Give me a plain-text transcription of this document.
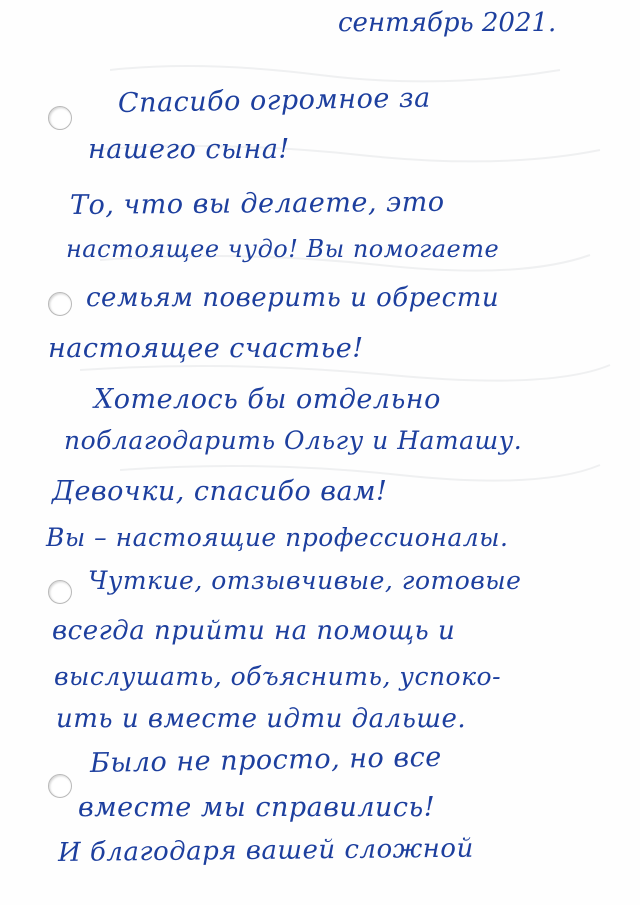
сентябрь 2021.
Спасибо огромное за
нашего сына!
То, что вы делаете, это
настоящее чудо! Вы помогаете
семьям поверить и обрести
настоящее счастье!
Хотелось бы отдельно
поблагодарить Ольгу и Наташу.
Девочки, спасибо вам!
Вы – настоящие профессионалы.
Чуткие, отзывчивые, готовые
всегда прийти на помощь и
выслушать, объяснить, успоко-
ить и вместе идти дальше.
Было не просто, но все
вместе мы справились!
И благодаря вашей сложной
